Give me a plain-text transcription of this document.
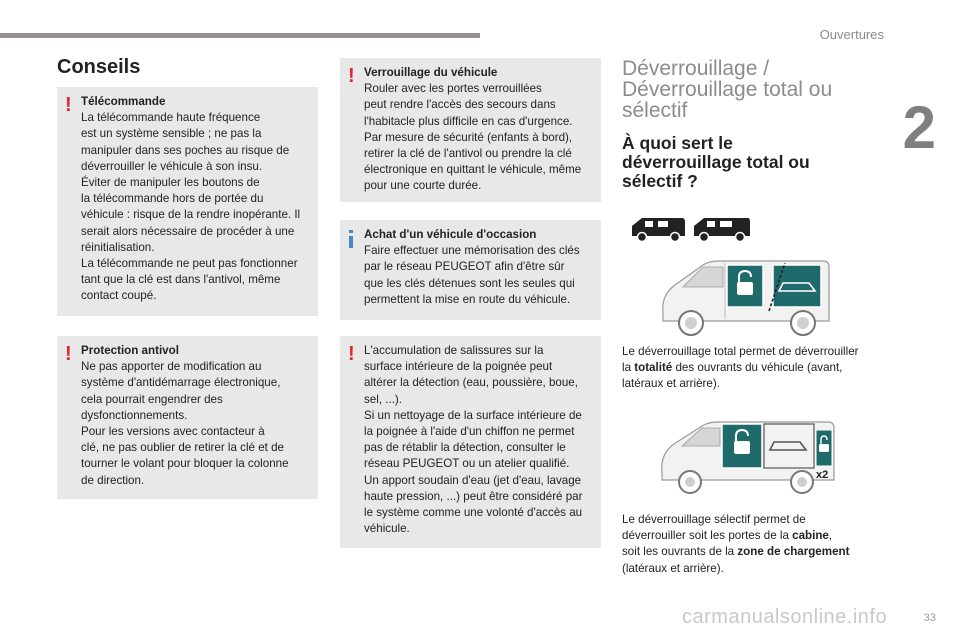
Ouvertures
2
Conseils
! Télécommande

La télécommande haute fréquence
est un système sensible ; ne pas la
manipuler dans ses poches au risque de
déverrouiller le véhicule à son insu.
Éviter de manipuler les boutons de
la télécommande hors de portée du
véhicule : risque de la rendre inopérante. Il
serait alors nécessaire de procéder à une
réinitialisation.
La télécommande ne peut pas fonctionner
tant que la clé est dans l'antivol, même
contact coupé.

! Protection antivol

Ne pas apporter de modification au
système d'antidémarrage électronique,
cela pourrait engendrer des
dysfonctionnements.
Pour les versions avec contacteur à
clé, ne pas oublier de retirer la clé et de
tourner le volant pour bloquer la colonne
de direction.

! Verrouillage du véhicule

Rouler avec les portes verrouillées
peut rendre l'accès des secours dans
l'habitacle plus difficile en cas d'urgence.
Par mesure de sécurité (enfants à bord),
retirer la clé de l'antivol ou prendre la clé
électronique en quittant le véhicule, même
pour une courte durée.

Achat d'un véhicule d'occasion

Faire effectuer une mémorisation des clés
par le réseau PEUGEOT afin d'être sûr
que les clés détenues sont les seules qui
permettent la mise en route du véhicule.

! L'accumulation de salissures sur la
surface intérieure de la poignée peut
altérer la détection (eau, poussière, boue,
sel, ...).
Si un nettoyage de la surface intérieure de
la poignée à l'aide d'un chiffon ne permet
pas de rétablir la détection, consulter le
réseau PEUGEOT ou un atelier qualifié.
Un apport soudain d'eau (jet d'eau, lavage
haute pression, ...) peut être considéré par
le système comme une volonté d'accès au
véhicule.

Déverrouillage /
Déverrouillage total ou
sélectif
À quoi sert le
déverrouillage total ou
sélectif ?
Le déverrouillage total permet de déverrouiller
la totalité des ouvrants du véhicule (avant,
latéraux et arrière).
x2
Le déverrouillage sélectif permet de
déverrouiller soit les portes de la cabine,
soit les ouvrants de la zone de chargement
(latéraux et arrière).
carmanualsonline.info	33
